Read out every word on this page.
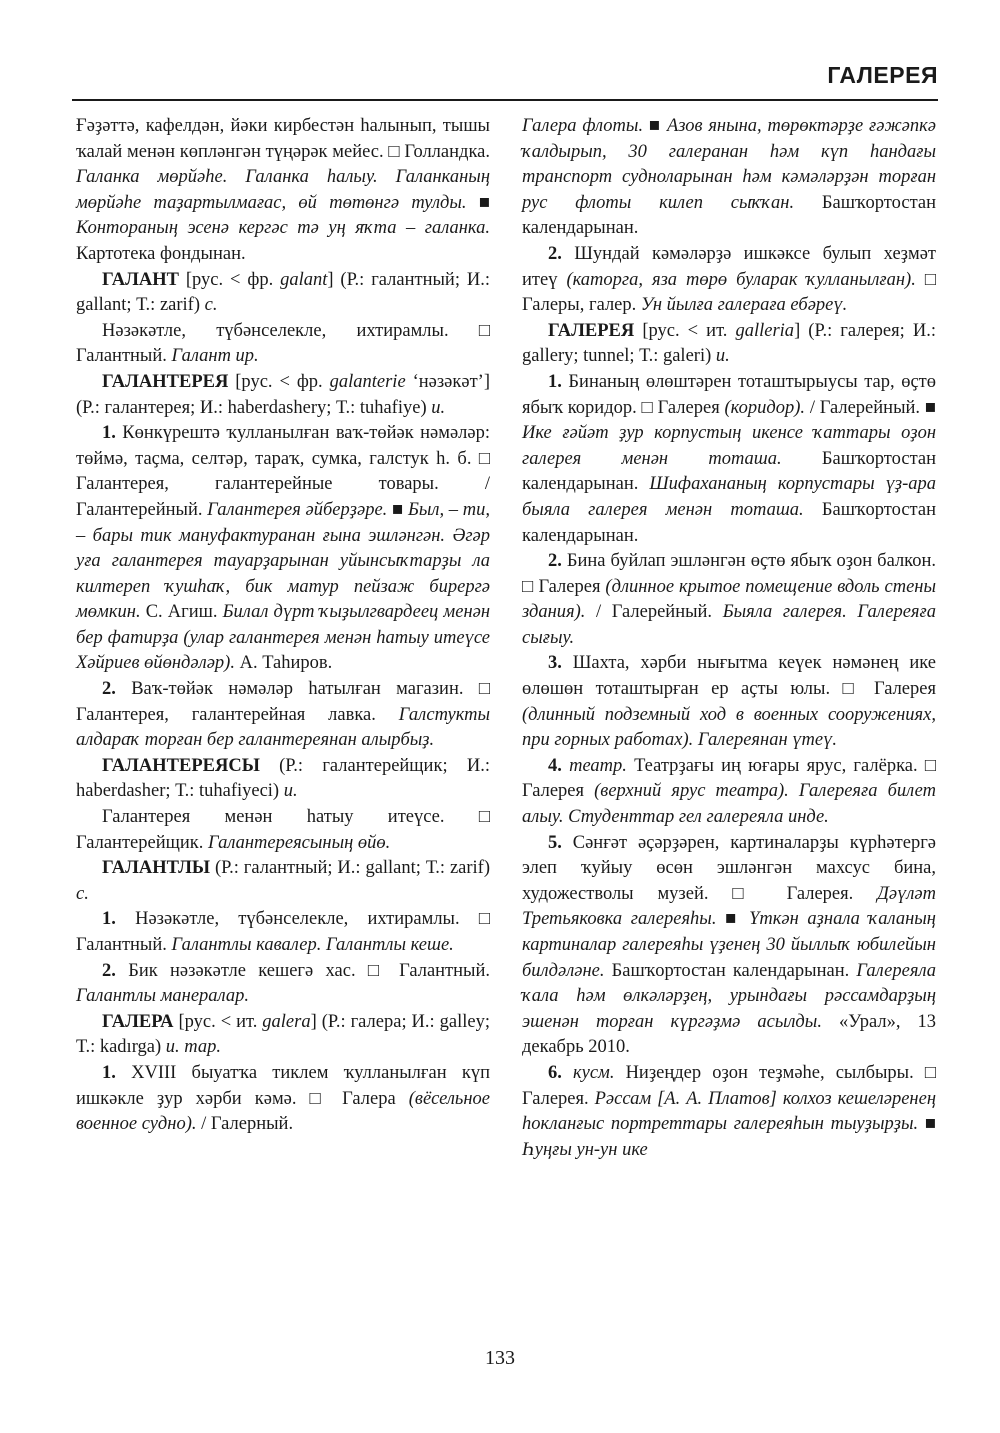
ГАЛЕРЕЯ

Ғәҙәттә, кафелдән, йәки кирбестән һалынып, тышы ҡалай менән көпләнгән түңәрәк мейес. □ Голландка. Галанка мөрйәһе. Галанка һалыу. Галанканың мөрйәһе таҙартылмағас, өй төтөнгә тулды. ■ Контораның эсенә кергәс тә уң яҡта – галанка. Картотека фондынан.

ГАЛАНТ [рус. < фр. galant] (Р.: галантный; И.: gallant; Т.: zarif) с.

Нәзәкәтле, түбәнселекле, ихтирамлы. □ Галантный. Галант ир.

ГАЛАНТЕРЕЯ [рус. < фр. galanterie ‘нәзәкәт’] (Р.: галантерея; И.: haberdashery; Т.: tuhafiye) и.

1. Көнкүрештә ҡулланылған ваҡ-төйәк нәмәләр: төймә, таҫма, селтәр, тараҡ, сумка, галстук һ. б. □ Галантерея, галантерейные товары. / Галантерейный. Галантерея әйберҙәре. ■ Был, – ти, – бары тик мануфактуранан ғына эшләнгән. Әгәр уға галантерея тауарҙарынан уйынсыҡтарҙы ла килтереп ҡушһаҡ, бик матур пейзаж бирергә мөмкин. С. Агиш. Билал дүрт ҡыҙылгвардеец менән бер фатирҙа (улар галантерея менән һатыу итеүсе Хәйриев өйөндәләр). А. Таһиров.

2. Ваҡ-төйәк нәмәләр һатылған магазин. □ Галантерея, галантерейная лавка. Галстукты алдараҡ торған бер галантереянан алырбыҙ.

ГАЛАНТЕРЕЯСЫ (Р.: галантерейщик; И.: haberdasher; Т.: tuhafiyeci) и.

Галантерея менән һатыу итеүсе. □ Галантерейщик. Галантереясының өйө.

ГАЛАНТЛЫ (Р.: галантный; И.: gallant; Т.: zarif) с.

1. Нәзәкәтле, түбәнселекле, ихтирамлы. □ Галантный. Галантлы кавалер. Галантлы кеше.

2. Бик нәзәкәтле кешегә хас. □ Галантный. Галантлы манералар.

ГАЛЕРА [рус. < ит. galera] (Р.: галера; И.: galley; Т.: kadırga) и. тар.

1. XVIII быуатҡа тиклем ҡулланылған күп ишкәкле ҙур хәрби кәмә. □ Галера (вёсельное военное судно). / Галерный.

Галера флоты. ■ Азов янына, төрөктәрҙе ғәжәпкә ҡалдырып, 30 галеранан һәм күп һандағы транспорт судноларынан һәм кәмәләрҙән торған рус флоты килеп сыҡҡан. Башҡортостан календарынан.

2. Шундай кәмәләрҙә ишкәксе булып хеҙмәт итеү (каторга, яза төрө буларак ҡулланылған). □ Галеры, галер. Ун йылға галераға ебәреү.

ГАЛЕРЕЯ [рус. < ит. galleria] (Р.: галерея; И.: gallery; tunnel; Т.: galeri) и.

1. Бинаның өлөштәрен тоташтырыусы тар, өҫтө ябыҡ коридор. □ Галерея (коридор). / Галерейный. ■ Ике ғәйәт ҙур корпустың икенсе ҡаттары оҙон галерея менән тоташа. Башҡортостан календарынан. Шифахананың корпустары үҙ-ара быяла галерея менән тоташа. Башҡортостан календарынан.

2. Бина буйлап эшләнгән өҫтө ябыҡ оҙон балкон. □ Галерея (длинное крытое помещение вдоль стены здания). / Галерейный. Быяла галерея. Галереяға сығыу.

3. Шахта, хәрби нығытма кеүек нәмәнең ике өлөшөн тоташтырған ер аҫты юлы. □ Галерея (длинный подземный ход в военных сооружениях, при горных работах). Галереянан үтеү.

4. театр. Театрҙағы иң юғары ярус, галёрка. □ Галерея (верхний ярус театра). Галереяға билет алыу. Студенттар гел галереяла инде.

5. Сәнғәт әҫәрҙәрен, картиналарҙы күрһәтергә элеп ҡуйыу өсөн эшләнгән махсус бина, художестволы музей. □ Галерея. Дәүләт Третьяковка галереяһы. ■ Үткән аҙнала ҡаланың картиналар галереяһы үҙенең 30 йыллыҡ юбилейын билдәләне. Башҡортостан календарынан. Галереяла ҡала һәм өлкәләрҙең, урындағы рәссамдарҙың эшенән торған күргәҙмә асылды. «Урал», 13 декабрь 2010.

6. кусм. Ниҙеңдер оҙон теҙмәһе, сылбыры. □ Галерея. Рәссам [А. А. Платов] колхоз кешеләренең һокланғыс портреттары галереяһын тыуҙырҙы. ■ Һуңғы ун-ун ике

133
